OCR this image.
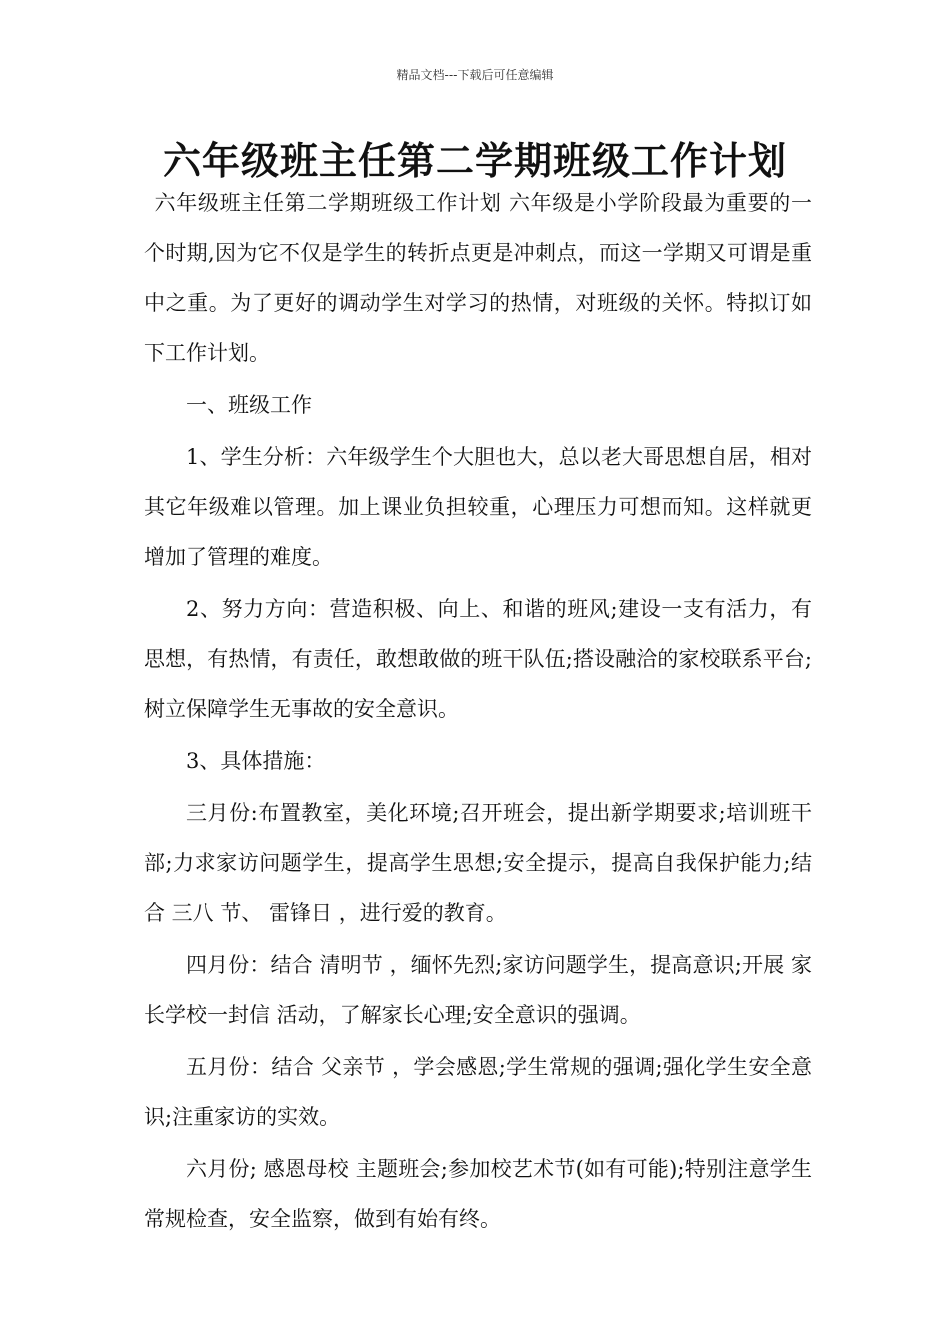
精品文档---下载后可任意编辑
六年级班主任第二学期班级工作计划

六年级班主任第二学期班级工作计划 六年级是小学阶段最为重要的一个时期,因为它不仅是学生的转折点更是冲刺点，而这一学期又可谓是重中之重。为了更好的调动学生对学习的热情，对班级的关怀。特拟订如下工作计划。

一、班级工作

1、学生分析：六年级学生个大胆也大，总以老大哥思想自居，相对其它年级难以管理。加上课业负担较重，心理压力可想而知。这样就更增加了管理的难度。

2、努力方向：营造积极、向上、和谐的班风;建设一支有活力，有思想，有热情，有责任，敢想敢做的班干队伍;搭设融洽的家校联系平台;树立保障学生无事故的安全意识。

3、具体措施：

三月份:布置教室，美化环境;召开班会，提出新学期要求;培训班干部;力求家访问题学生，提高学生思想;安全提示，提高自我保护能力;结合 三八 节、 雷锋日 ，进行爱的教育。

四月份：结合 清明节 ，缅怀先烈;家访问题学生，提高意识;开展 家长学校一封信 活动，了解家长心理;安全意识的强调。

五月份：结合 父亲节 ，学会感恩;学生常规的强调;强化学生安全意识;注重家访的实效。

六月份; 感恩母校 主题班会;参加校艺术节(如有可能);特别注意学生常规检查，安全监察，做到有始有终。
